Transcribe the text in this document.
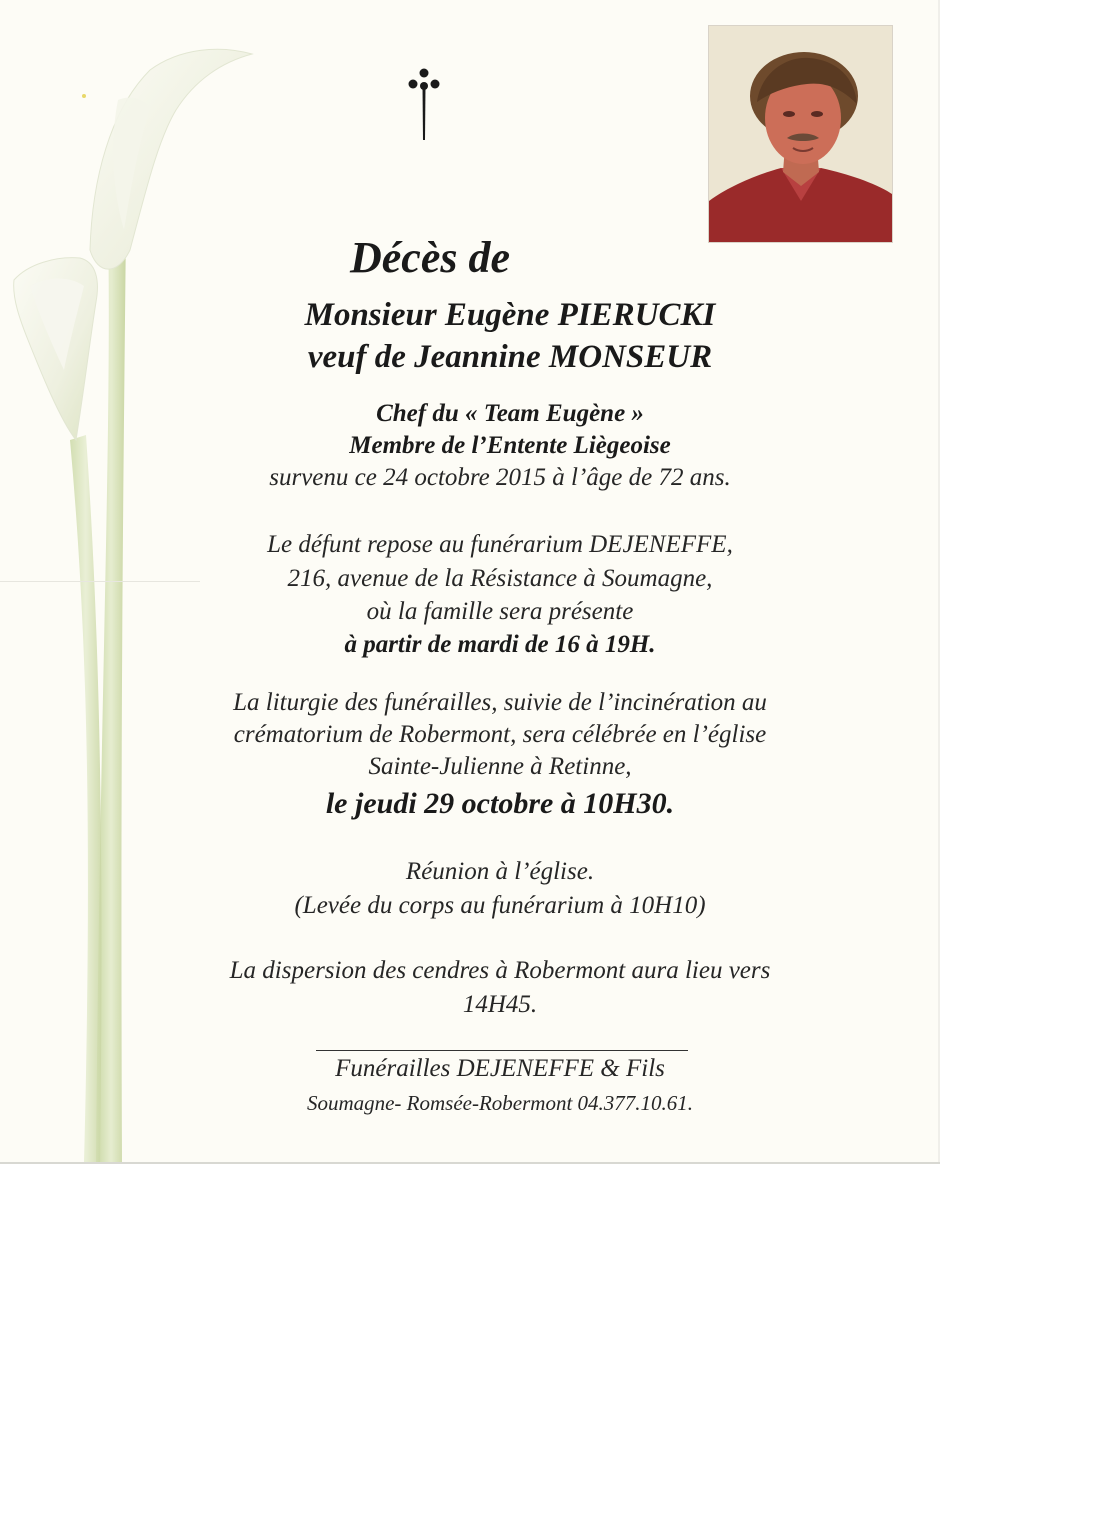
Décès de
Monsieur Eugène PIERUCKI
veuf de Jeannine MONSEUR
Chef du « Team Eugène »
Membre de l’Entente Liègeoise
survenu ce 24 octobre 2015 à l’âge de 72 ans.
Le défunt repose au funérarium DEJENEFFE,
216, avenue de la Résistance à Soumagne,
où la famille sera présente
à partir de mardi de 16 à 19H.
La liturgie des funérailles, suivie de l’incinération au
crématorium de Robermont, sera célébrée en l’église
Sainte-Julienne à Retinne,
le jeudi 29 octobre à 10H30.
Réunion à l’église.
(Levée du corps au funérarium à 10H10)
La dispersion des cendres à Robermont aura lieu vers
14H45.
Funérailles DEJENEFFE & Fils
Soumagne- Romsée-Robermont 04.377.10.61.
